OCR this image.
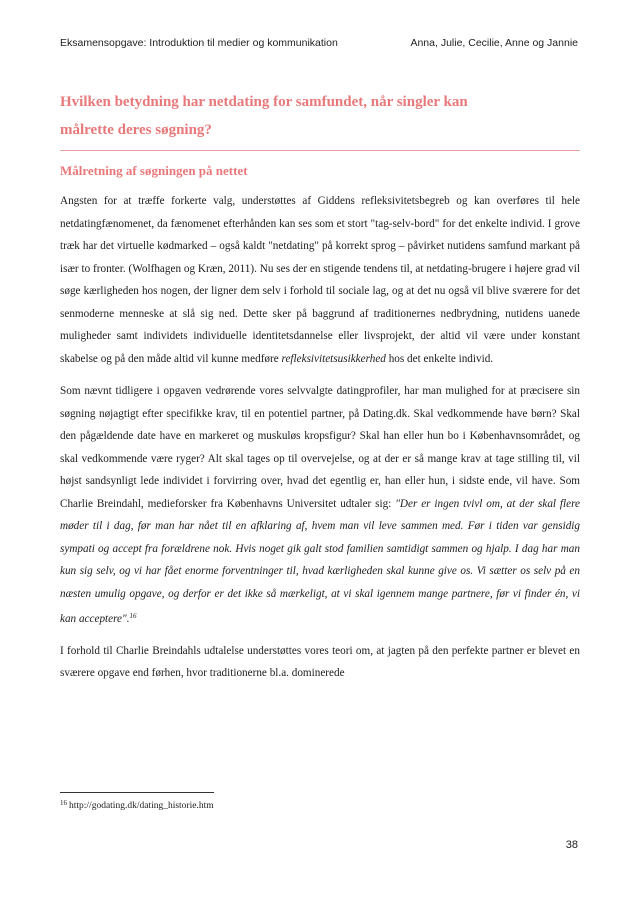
Eksamensopgave: Introduktion til medier og kommunikation	Anna, Julie, Cecilie, Anne og Jannie
Hvilken betydning har netdating for samfundet, når singler kan
målrette deres søgning?
Målretning af søgningen på nettet

Angsten for at træffe forkerte valg, understøttes af Giddens refleksivitetsbegreb og kan overføres til hele netdatingfænomenet, da fænomenet efterhånden kan ses som et stort "tag-selv-bord" for det enkelte individ. I grove træk har det virtuelle kødmarked – også kaldt "netdating" på korrekt sprog – påvirket nutidens samfund markant på især to fronter. (Wolfhagen og Kræn, 2011). Nu ses der en stigende tendens til, at netdating-brugere i højere grad vil søge kærligheden hos nogen, der ligner dem selv i forhold til sociale lag, og at det nu også vil blive sværere for det senmoderne menneske at slå sig ned. Dette sker på baggrund af traditionernes nedbrydning, nutidens uanede muligheder samt individets individuelle identitetsdannelse eller livsprojekt, der altid vil være under konstant skabelse og på den måde altid vil kunne medføre refleksivitetsusikkerhed hos det enkelte individ.

Som nævnt tidligere i opgaven vedrørende vores selvvalgte datingprofiler, har man mulighed for at præcisere sin søgning nøjagtigt efter specifikke krav, til en potentiel partner, på Dating.dk. Skal vedkommende have børn? Skal den pågældende date have en markeret og muskuløs kropsfigur? Skal han eller hun bo i Københavnsområdet, og skal vedkommende være ryger? Alt skal tages op til overvejelse, og at der er så mange krav at tage stilling til, vil højst sandsynligt lede individet i forvirring over, hvad det egentlig er, han eller hun, i sidste ende, vil have. Som Charlie Breindahl, medieforsker fra Københavns Universitet udtaler sig: "Der er ingen tvivl om, at der skal flere møder til i dag, før man har nået til en afklaring af, hvem man vil leve sammen med. Før i tiden var gensidig sympati og accept fra forældrene nok. Hvis noget gik galt stod familien samtidigt sammen og hjalp. I dag har man kun sig selv, og vi har fået enorme forventninger til, hvad kærligheden skal kunne give os. Vi sætter os selv på en næsten umulig opgave, og derfor er det ikke så mærkeligt, at vi skal igennem mange partnere, før vi finder én, vi kan acceptere".$^{16}$

I forhold til Charlie Breindahls udtalelse understøttes vores teori om, at jagten på den perfekte partner er blevet en sværere opgave end førhen, hvor traditionerne bl.a. dominerede

$^{16}$ http://godating.dk/dating_historie.htm
38
